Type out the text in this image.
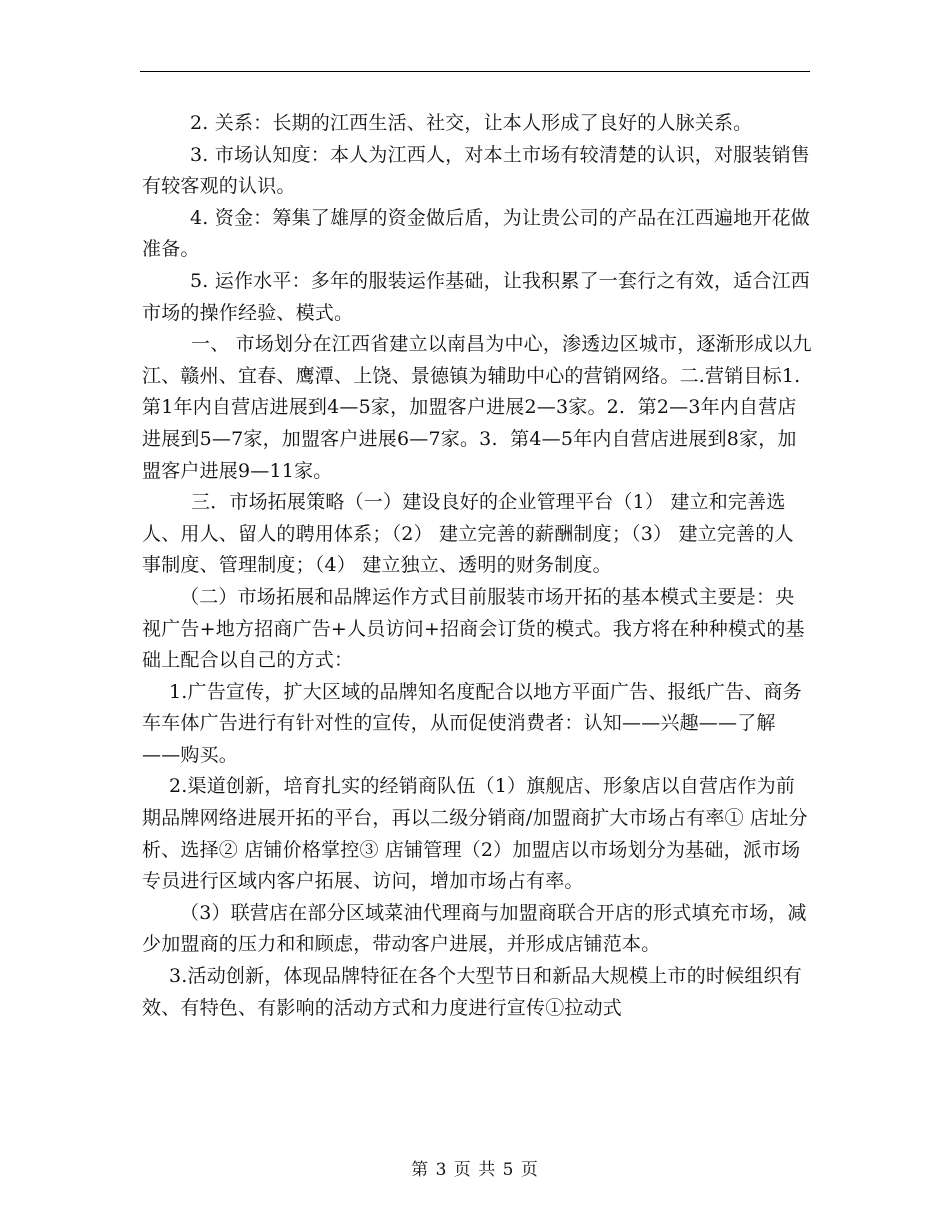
2. 关系：长期的江西生活、社交，让本人形成了良好的人脉关系。

3. 市场认知度：本人为江西人，对本土市场有较清楚的认识，对服装销售有较客观的认识。

4. 资金：筹集了雄厚的资金做后盾，为让贵公司的产品在江西遍地开花做准备。

5. 运作水平：多年的服装运作基础，让我积累了一套行之有效，适合江西市场的操作经验、模式。

一、 市场划分在江西省建立以南昌为中心，渗透边区城市，逐渐形成以九江、赣州、宜春、鹰潭、上饶、景德镇为辅助中心的营销网络。二.营销目标1.  第1年内自营店进展到4—5家，加盟客户进展2—3家。2.  第2—3年内自营店进展到5—7家，加盟客户进展6—7家。3.  第4—5年内自营店进展到8家，加盟客户进展9—11家。

三．市场拓展策略（一）建设良好的企业管理平台（1） 建立和完善选人、用人、留人的聘用体系；（2） 建立完善的薪酬制度；（3） 建立完善的人事制度、管理制度；（4） 建立独立、透明的财务制度。

（二）市场拓展和品牌运作方式目前服装市场开拓的基本模式主要是：央视广告+地方招商广告+人员访问+招商会订货的模式。我方将在种种模式的基础上配合以自己的方式：

1.广告宣传，扩大区域的品牌知名度配合以地方平面广告、报纸广告、商务车车体广告进行有针对性的宣传，从而促使消费者：认知——兴趣——了解——购买。

2.渠道创新，培育扎实的经销商队伍（1）旗舰店、形象店以自营店作为前期品牌网络进展开拓的平台，再以二级分销商/加盟商扩大市场占有率① 店址分析、选择② 店铺价格掌控③ 店铺管理（2）加盟店以市场划分为基础，派市场专员进行区域内客户拓展、访问，增加市场占有率。

（3）联营店在部分区域菜油代理商与加盟商联合开店的形式填充市场，减少加盟商的压力和和顾虑，带动客户进展，并形成店铺范本。

3.活动创新，体现品牌特征在各个大型节日和新品大规模上市的时候组织有效、有特色、有影响的活动方式和力度进行宣传①拉动式

第 3 页 共 5 页
